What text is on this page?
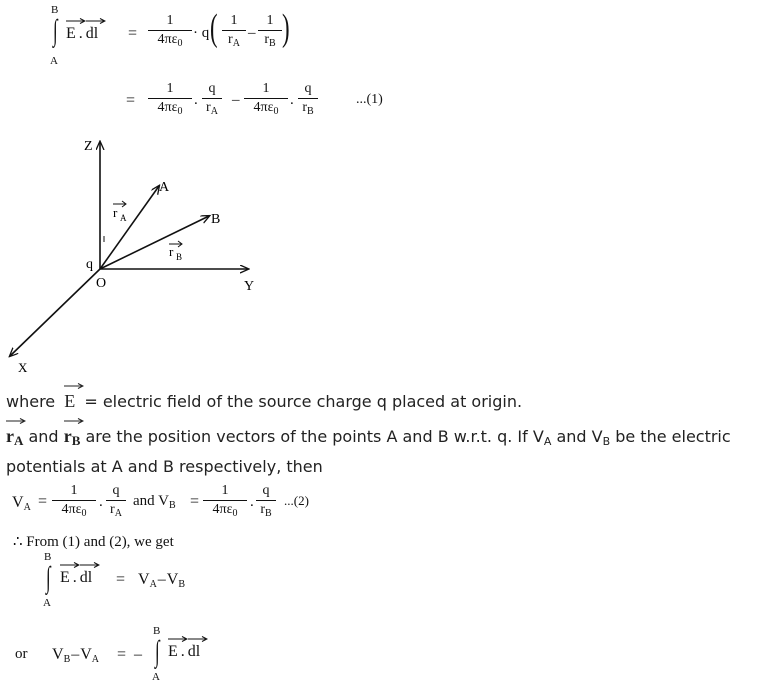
B
∫
A
E . dl =
1
$4\pi\varepsilon_0$
· q ( 1
$r_A$
–
1
$r_B$ )
=
1
$4\pi\varepsilon_0$
.
q
$r_A$
–
1
$4\pi\varepsilon_0$
.
q
$r_B$
...(1)
Z
Y
X
O
q
A
B
r A
r B
where E = electric field of the source charge q placed at origin.
rA and rB are the position vectors of the points A and B w.r.t. q. If VA and VB be the electric
potentials at A and B respectively, then
VA =
1
$4\pi\varepsilon_0$
.
q
$r_A$
and $V_B$ =
1
$4\pi\varepsilon_0$
.
q
$r_B$
...(2)
∴ From (1) and (2), we get
B
∫
A
E . dl = VA–VB
or VB–VA = –
B
∫
A
E . dl
